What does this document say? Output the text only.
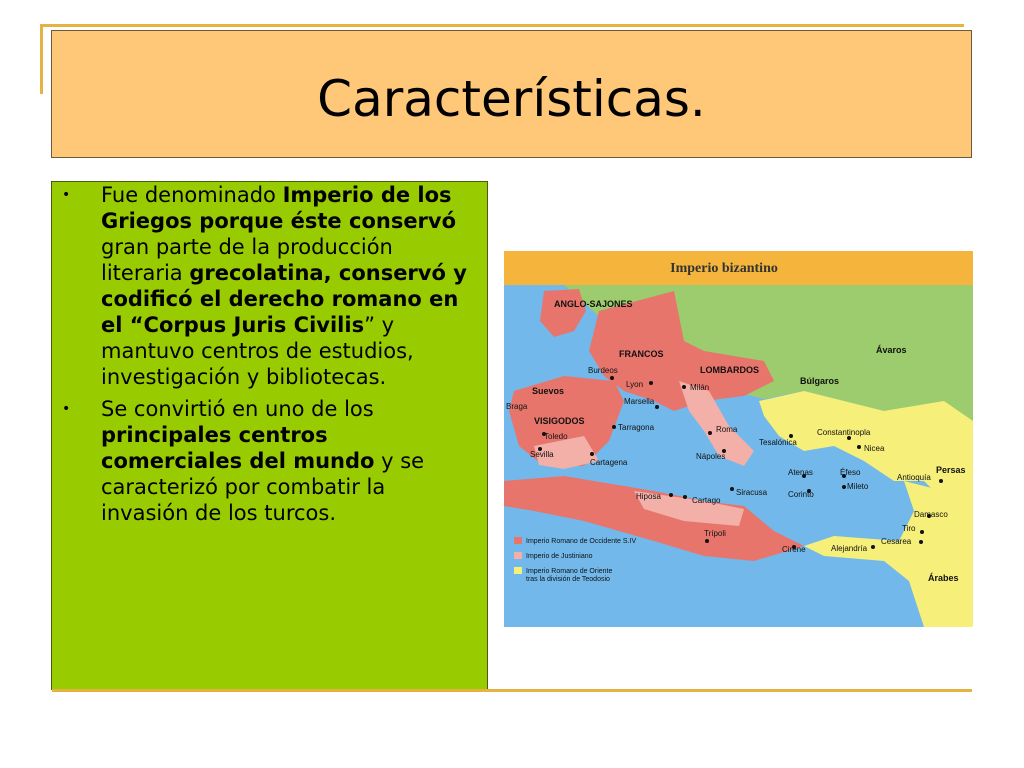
Características.
• Fue denominado Imperio de los Griegos porque éste conservó gran parte de la producción literaria grecolatina, conservó y codificó el derecho romano en el “Corpus Juris Civilis” y mantuvo centros de estudios, investigación y bibliotecas.
• Se convirtió en uno de los principales centros comerciales del mundo y se caracterizó por combatir la invasión de los turcos.
Imperio bizantino
ANGLO-SAJONES
FRANCOS
LOMBARDOS
Suevos
VISIGODOS
Ávaros
Búlgaros
Persas
Árabes
Burdeos
Lyon	Milán
Marsella
Braga
Toledo
Tarragona	Roma
Sevilla
Cartagena
Nápoles
Tesalónica
Constantinopla
Nicea
Atenas	Éfeso
Corinto
Mileto
Antioquía
Hiposa	Cartago
Siracusa
Damasco
Tiro
Cesarea
Trípoli
Cirene	Alejandría
Imperio Romano de Occidente S.IV
Imperio de Justiniano
Imperio Romano de Oriente tras la división de Teodosio
